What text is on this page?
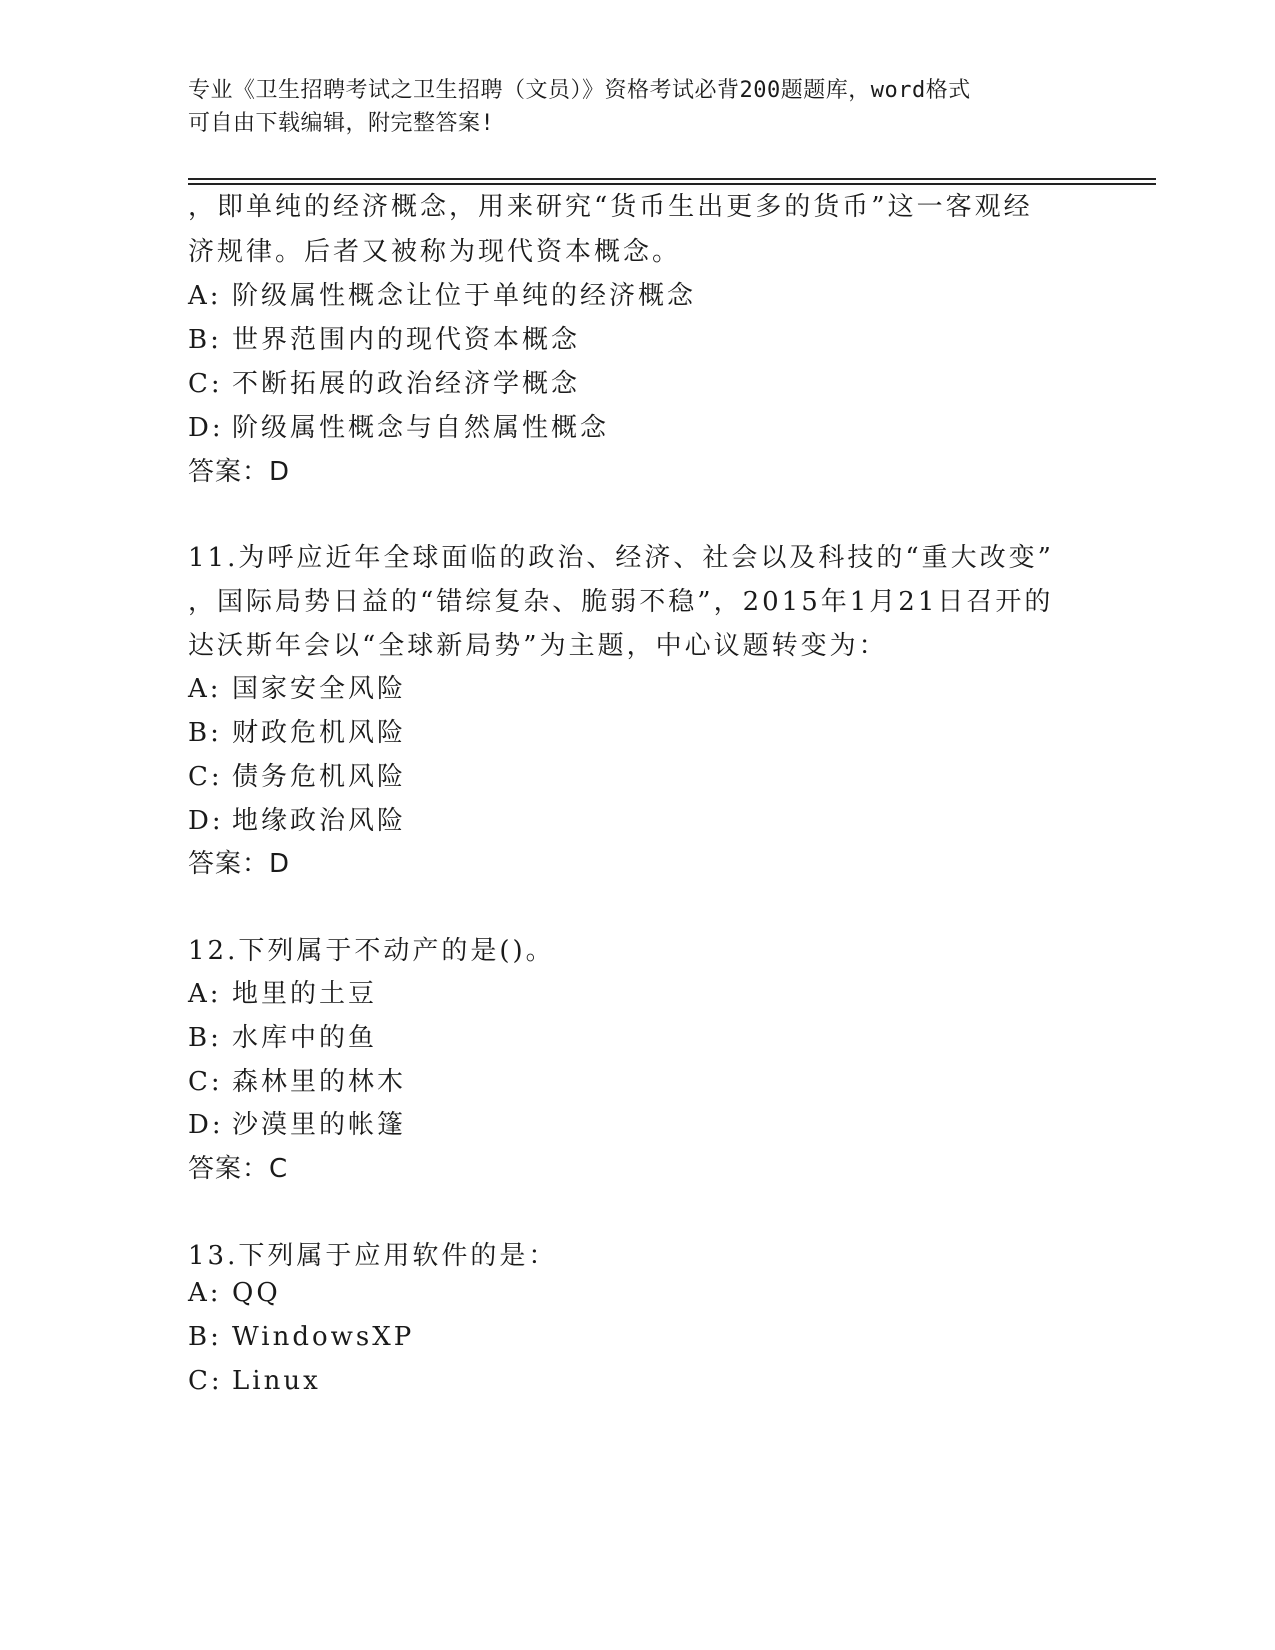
专业《卫生招聘考试之卫生招聘（文员）》资格考试必背200题题库，word格式
可自由下载编辑，附完整答案!
，即单纯的经济概念，用来研究“货币生出更多的货币”这一客观经
济规律。后者又被称为现代资本概念。
A: 阶级属性概念让位于单纯的经济概念
B: 世界范围内的现代资本概念
C: 不断拓展的政治经济学概念
D: 阶级属性概念与自然属性概念
答案：D
11.为呼应近年全球面临的政治、经济、社会以及科技的“重大改变”
，国际局势日益的“错综复杂、脆弱不稳”，2015年1月21日召开的
达沃斯年会以“全球新局势”为主题，中心议题转变为：
A: 国家安全风险
B: 财政危机风险
C: 债务危机风险
D: 地缘政治风险
答案：D
12.下列属于不动产的是()。
A: 地里的土豆
B: 水库中的鱼
C: 森林里的林木
D: 沙漠里的帐篷
答案：C
13.下列属于应用软件的是：
A: QQ
B: WindowsXP
C: Linux
